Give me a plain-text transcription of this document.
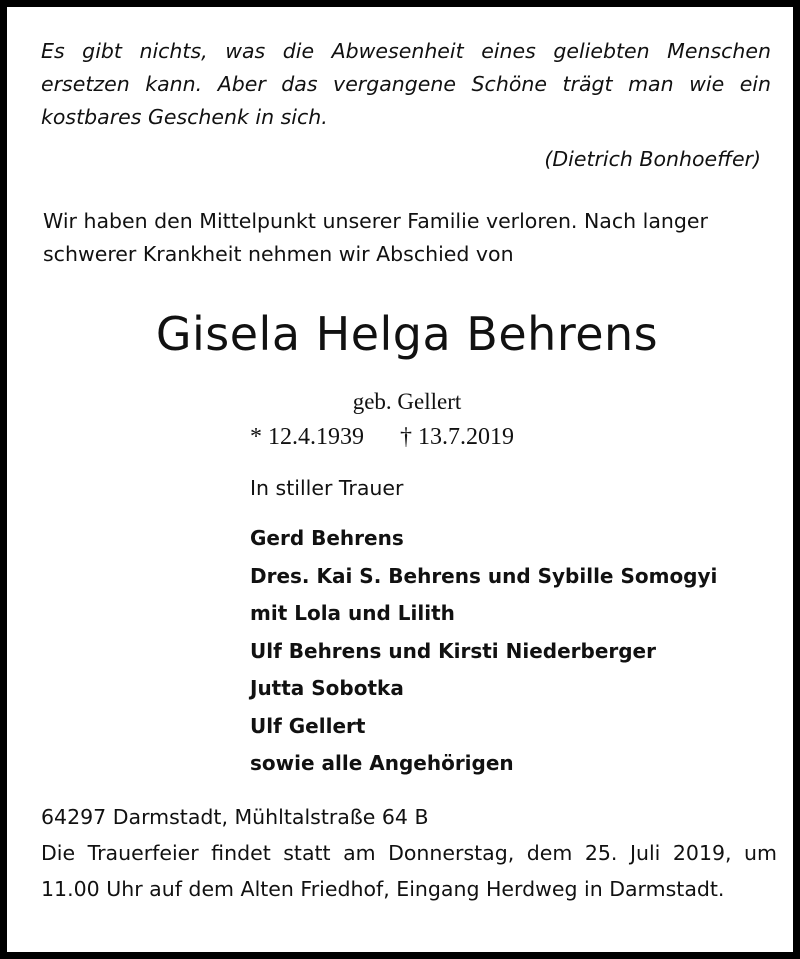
Es gibt nichts, was die Abwesenheit eines geliebten Menschen ersetzen kann. Aber das vergangene Schöne trägt man wie ein kostbares Geschenk in sich.

(Dietrich Bonhoeffer)

Wir haben den Mittelpunkt unserer Familie verloren. Nach langer schwerer Krankheit nehmen wir Abschied von

Gisela Helga Behrens
geb. Gellert
* 12.4.1939 † 13.7.2019
In stiller Trauer
Gerd Behrens
Dres. Kai S. Behrens und Sybille Somogyi
mit Lola und Lilith
Ulf Behrens und Kirsti Niederberger
Jutta Sobotka
Ulf Gellert
sowie alle Angehörigen
64297 Darmstadt, Mühltalstraße 64 B

Die Trauerfeier findet statt am Donnerstag, dem 25. Juli 2019, um 11.00 Uhr auf dem Alten Friedhof, Eingang Herdweg in Darmstadt.
